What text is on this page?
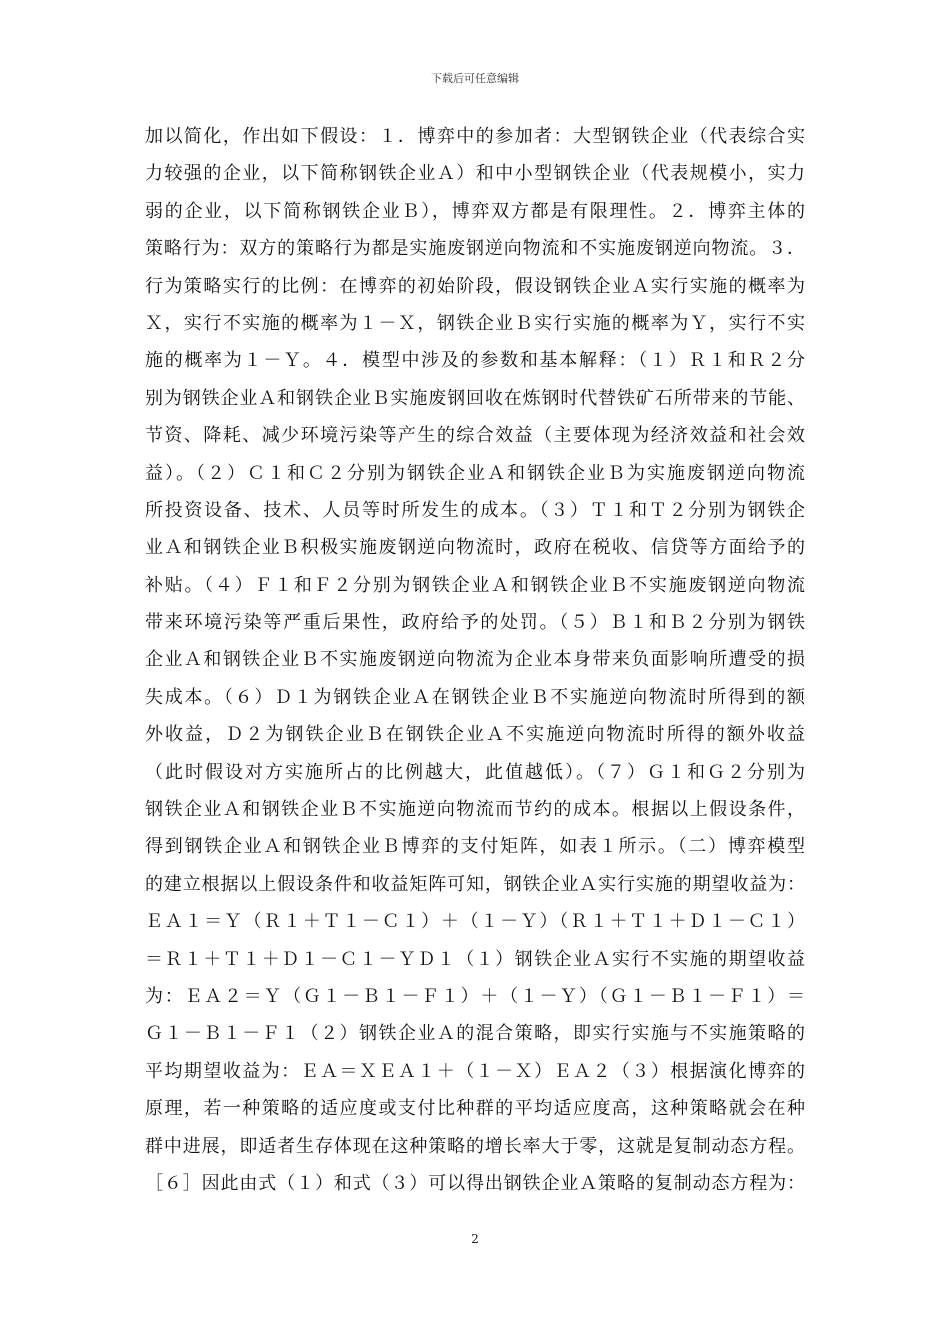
下载后可任意编辑
加以简化，作出如下假设：１．博弈中的参加者：大型钢铁企业（代表综合实
力较强的企业，以下简称钢铁企业Ａ）和中小型钢铁企业（代表规模小，实力
弱的企业，以下简称钢铁企业Ｂ），博弈双方都是有限理性。２．博弈主体的
策略行为：双方的策略行为都是实施废钢逆向物流和不实施废钢逆向物流。３．
行为策略实行的比例：在博弈的初始阶段，假设钢铁企业Ａ实行实施的概率为
Ｘ，实行不实施的概率为１－Ｘ，钢铁企业Ｂ实行实施的概率为Ｙ，实行不实
施的概率为１－Ｙ。４．模型中涉及的参数和基本解释：（１）Ｒ１和Ｒ２分
别为钢铁企业Ａ和钢铁企业Ｂ实施废钢回收在炼钢时代替铁矿石所带来的节能、
节资、降耗、减少环境污染等产生的综合效益（主要体现为经济效益和社会效
益）。（２）Ｃ１和Ｃ２分别为钢铁企业Ａ和钢铁企业Ｂ为实施废钢逆向物流
所投资设备、技术、人员等时所发生的成本。（３）Ｔ１和Ｔ２分别为钢铁企
业Ａ和钢铁企业Ｂ积极实施废钢逆向物流时，政府在税收、信贷等方面给予的
补贴。（４）Ｆ１和Ｆ２分别为钢铁企业Ａ和钢铁企业Ｂ不实施废钢逆向物流
带来环境污染等严重后果性，政府给予的处罚。（５）Ｂ１和Ｂ２分别为钢铁
企业Ａ和钢铁企业Ｂ不实施废钢逆向物流为企业本身带来负面影响所遭受的损
失成本。（６）Ｄ１为钢铁企业Ａ在钢铁企业Ｂ不实施逆向物流时所得到的额
外收益，Ｄ２为钢铁企业Ｂ在钢铁企业Ａ不实施逆向物流时所得的额外收益
（此时假设对方实施所占的比例越大，此值越低）。（７）Ｇ１和Ｇ２分别为
钢铁企业Ａ和钢铁企业Ｂ不实施逆向物流而节约的成本。根据以上假设条件，
得到钢铁企业Ａ和钢铁企业Ｂ博弈的支付矩阵，如表１所示。（二）博弈模型
的建立根据以上假设条件和收益矩阵可知，钢铁企业Ａ实行实施的期望收益为：
ＥＡ１＝Ｙ（Ｒ１＋Ｔ１－Ｃ１）＋（１－Ｙ）（Ｒ１＋Ｔ１＋Ｄ１－Ｃ１）
＝Ｒ１＋Ｔ１＋Ｄ１－Ｃ１－ＹＤ１（１）钢铁企业Ａ实行不实施的期望收益
为：ＥＡ２＝Ｙ（Ｇ１－Ｂ１－Ｆ１）＋（１－Ｙ）（Ｇ１－Ｂ１－Ｆ１）＝
Ｇ１－Ｂ１－Ｆ１（２）钢铁企业Ａ的混合策略，即实行实施与不实施策略的
平均期望收益为：ＥＡ＝ＸＥＡ１＋（１－Ｘ）ＥＡ２（３）根据演化博弈的
原理，若一种策略的适应度或支付比种群的平均适应度高，这种策略就会在种
群中进展，即适者生存体现在这种策略的增长率大于零，这就是复制动态方程。
［６］因此由式（１）和式（３）可以得出钢铁企业Ａ策略的复制动态方程为：
2
